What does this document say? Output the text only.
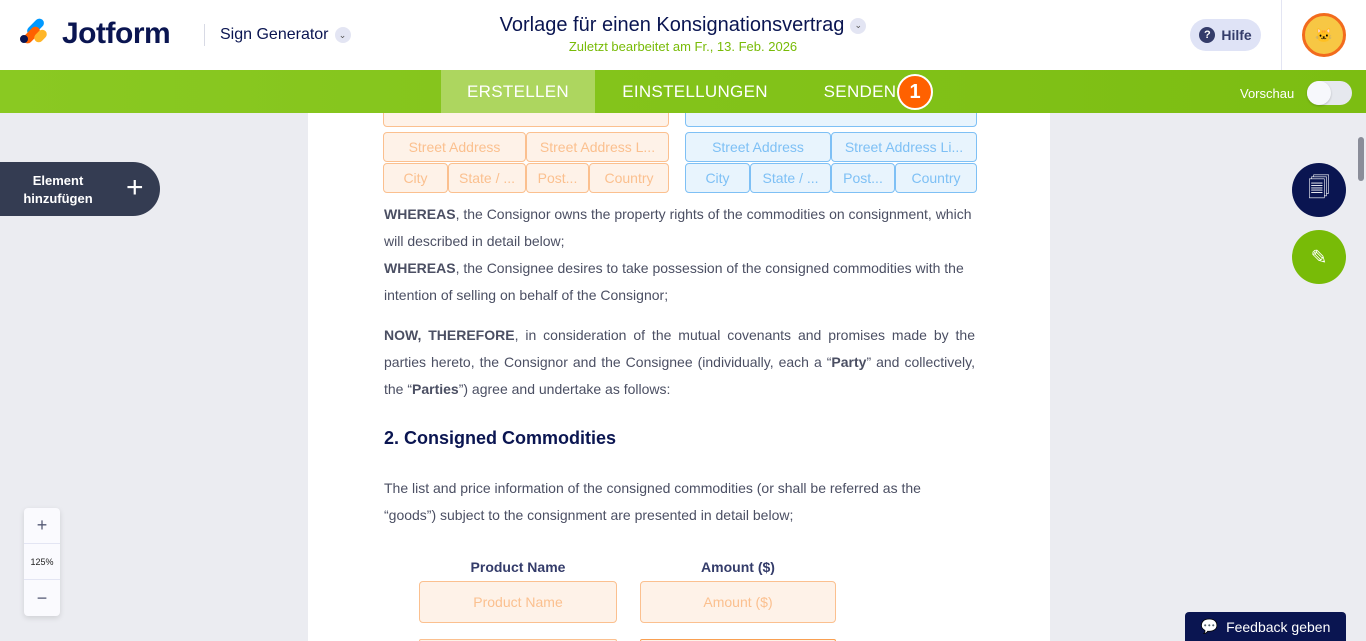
Jotform	Sign Generator	⌄	Vorlage für einen Konsignationsvertrag ⌄
Zuletzt bearbeitet am Fr., 13. Feb. 2026
? Hilfe	🐱
ERSTELLEN	EINSTELLUNGEN	SENDEN	Vorschau
1
Street Address	Street Address L...
City	State / ...	Post...	Country
Street Address	Street Address Li...
City	State / ...	Post...	Country
WHEREAS, the Consignor owns the property rights of the commodities on consignment, which will described in detail below;
WHEREAS, the Consignee desires to take possession of the consigned commodities with the intention of selling on behalf of the Consignor;
NOW, THEREFORE, in consideration of the mutual covenants and promises made by the parties hereto, the Consignor and the Consignee (individually, each a “Party” and collectively, the “Parties”) agree and undertake as follows:
2. Consigned Commodities
The list and price information of the consigned commodities (or shall be referred as the “goods”) subject to the consignment are presented in detail below;
Product Name	Amount ($)
Product Name	Amount ($)
Element hinzufügen	+
+
125%
−
🗐
✎
💬 Feedback geben
